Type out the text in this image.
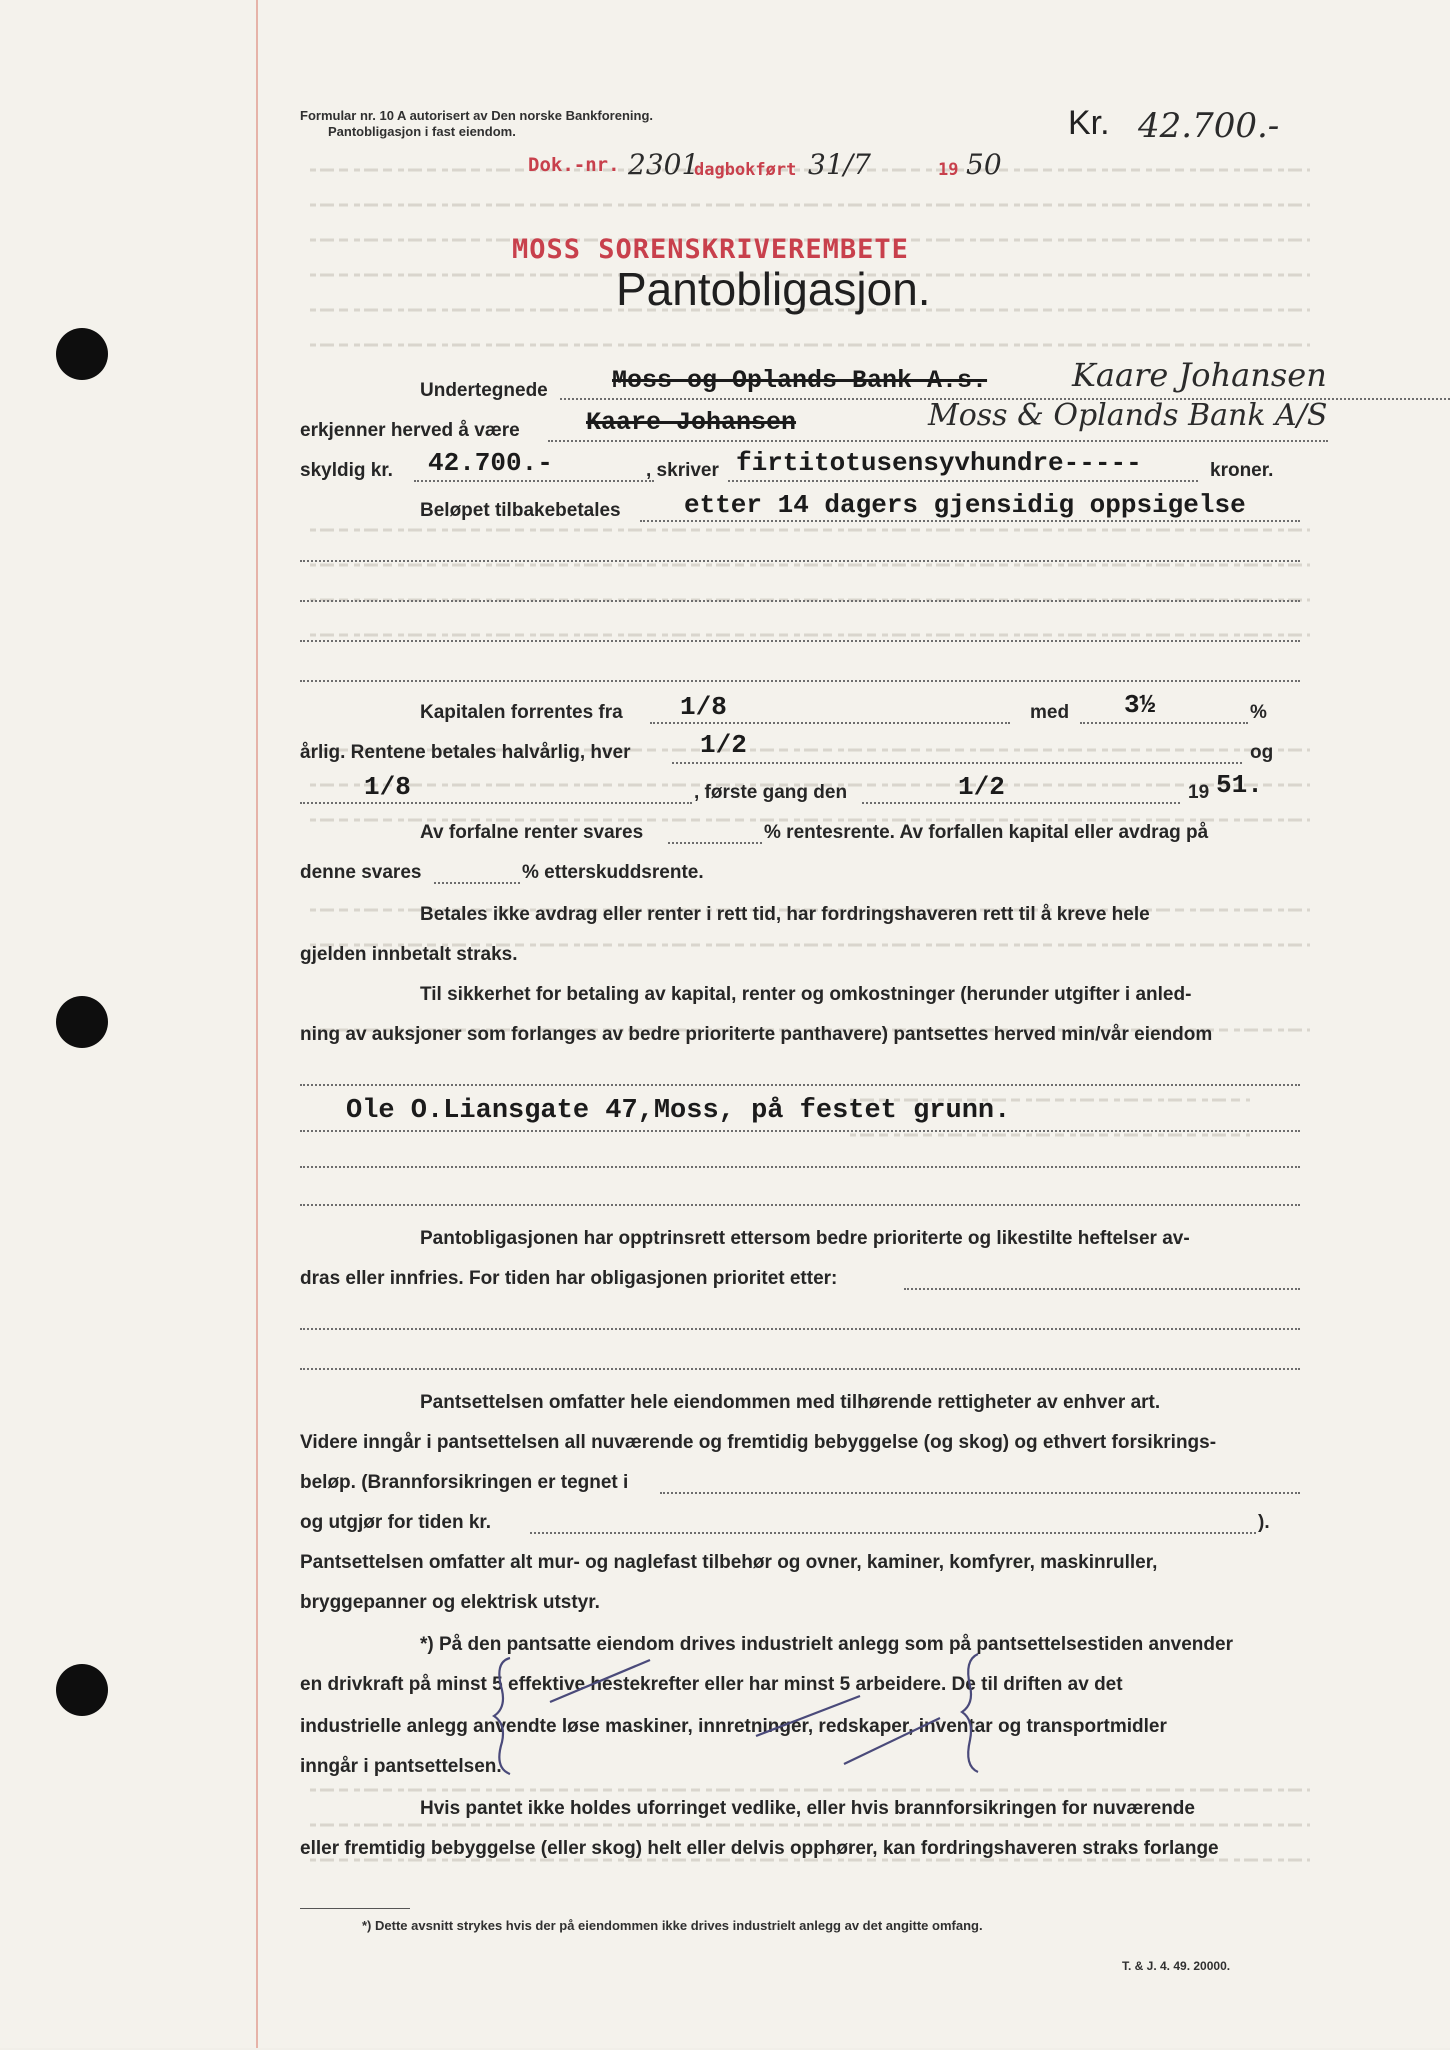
Formular nr. 10 A autorisert av Den norske Bankforening.
Pantobligasjon i fast eiendom.	Kr. 42.700.-
Dok.-nr. 2301
dagbokført 31/7	19 50
MOSS SORENSKRIVEREMBETE
Pantobligasjon.
Undertegnede	Moss og Oplands Bank A.s.	Kaare Johansen
erkjenner herved å være	Kaare Johansen	Moss & Oplands Bank A/S
skyldig kr. 42.700.-	, skriver firtitotusensyvhundre-----	kroner.
Beløpet tilbakebetales etter 14 dagers gjensidig oppsigelse
Kapitalen forrentes fra 1/8	med 3½	%
årlig. Rentene betales halvårlig, hver	1/2	og
1/8	, første gang den	1/2	19 51.
Av forfalne renter svares	% rentesrente. Av forfallen kapital eller avdrag på
denne svares	% etterskuddsrente.
Betales ikke avdrag eller renter i rett tid, har fordringshaveren rett til å kreve hele
gjelden innbetalt straks.
Til sikkerhet for betaling av kapital, renter og omkostninger (herunder utgifter i anled-
ning av auksjoner som forlanges av bedre prioriterte panthavere) pantsettes herved min/vår eiendom
Ole O.Liansgate 47,Moss, på festet grunn.
Pantobligasjonen har opptrinsrett ettersom bedre prioriterte og likestilte heftelser av-
dras eller innfries. For tiden har obligasjonen prioritet etter:
Pantsettelsen omfatter hele eiendommen med tilhørende rettigheter av enhver art.
Videre inngår i pantsettelsen all nuværende og fremtidig bebyggelse (og skog) og ethvert forsikrings-
beløp. (Brannforsikringen er tegnet i
og utgjør for tiden kr.	).
Pantsettelsen omfatter alt mur- og naglefast tilbehør og ovner, kaminer, komfyrer, maskinruller,
bryggepanner og elektrisk utstyr.
*) På den pantsatte eiendom drives industrielt anlegg som på pantsettelsestiden anvender
en drivkraft på minst 5 effektive hestekrefter eller har minst 5 arbeidere. De til driften av det
industrielle anlegg anvendte løse maskiner, innretninger, redskaper, inventar og transportmidler
inngår i pantsettelsen.
Hvis pantet ikke holdes uforringet vedlike, eller hvis brannforsikringen for nuværende
eller fremtidig bebyggelse (eller skog) helt eller delvis opphører, kan fordringshaveren straks forlange
*) Dette avsnitt strykes hvis der på eiendommen ikke drives industrielt anlegg av det angitte omfang.
T. & J. 4. 49. 20000.
